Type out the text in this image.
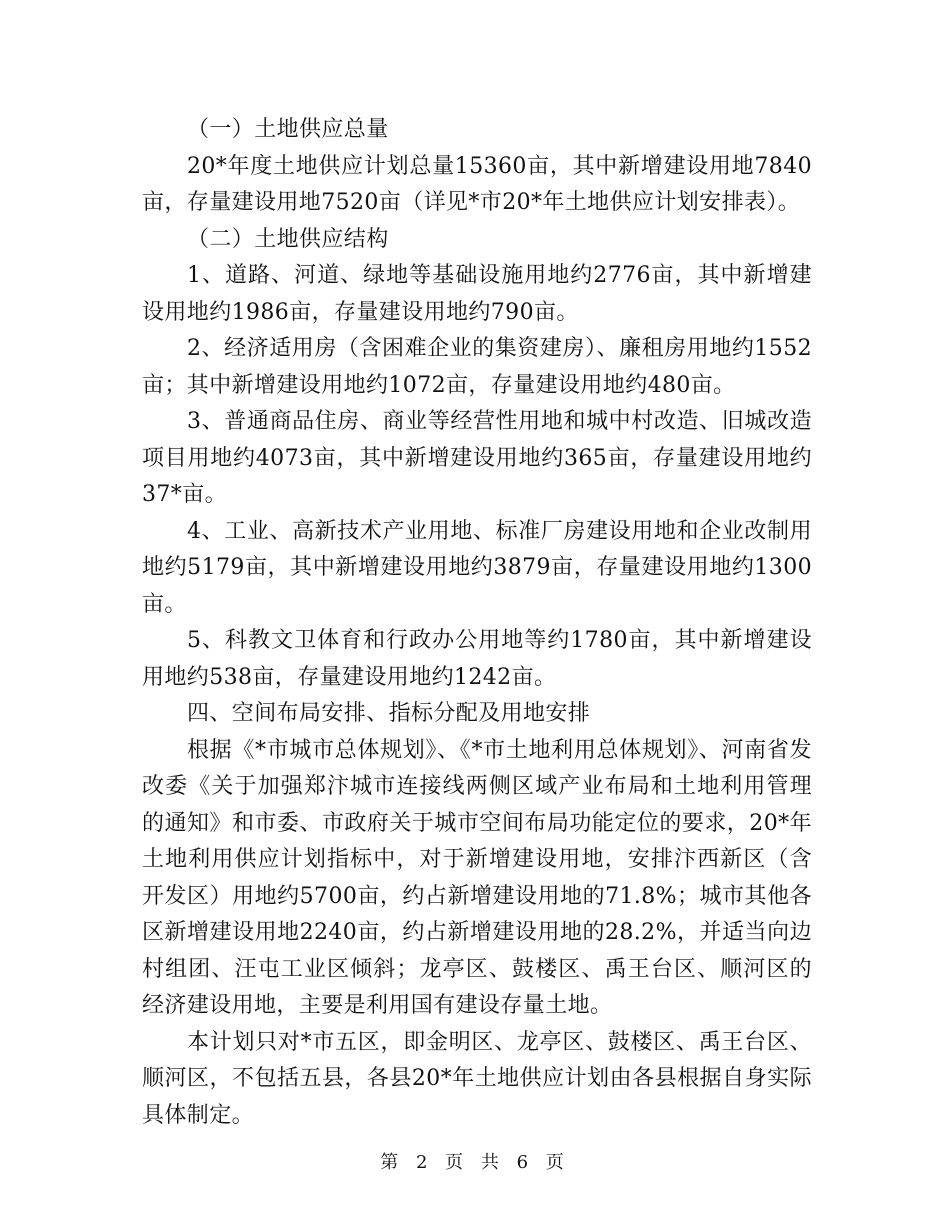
（一）土地供应总量

20*年度土地供应计划总量15360亩，其中新增建设用地7840亩，存量建设用地7520亩（详见*市20*年土地供应计划安排表）。

（二）土地供应结构

1、道路、河道、绿地等基础设施用地约2776亩，其中新增建设用地约1986亩，存量建设用地约790亩。

2、经济适用房（含困难企业的集资建房）、廉租房用地约1552亩；其中新增建设用地约1072亩，存量建设用地约480亩。

3、普通商品住房、商业等经营性用地和城中村改造、旧城改造项目用地约4073亩，其中新增建设用地约365亩，存量建设用地约37*亩。

4、工业、高新技术产业用地、标准厂房建设用地和企业改制用地约5179亩，其中新增建设用地约3879亩，存量建设用地约1300亩。

5、科教文卫体育和行政办公用地等约1780亩，其中新增建设用地约538亩，存量建设用地约1242亩。

四、空间布局安排、指标分配及用地安排

根据《*市城市总体规划》、《*市土地利用总体规划》、河南省发改委《关于加强郑汴城市连接线两侧区域产业布局和土地利用管理的通知》和市委、市政府关于城市空间布局功能定位的要求，20*年土地利用供应计划指标中，对于新增建设用地，安排汴西新区（含开发区）用地约5700亩，约占新增建设用地的71.8%；城市其他各区新增建设用地2240亩，约占新增建设用地的28.2%，并适当向边村组团、汪屯工业区倾斜；龙亭区、鼓楼区、禹王台区、顺河区的经济建设用地，主要是利用国有建设存量土地。

本计划只对*市五区，即金明区、龙亭区、鼓楼区、禹王台区、顺河区，不包括五县，各县20*年土地供应计划由各县根据自身实际具体制定。

第 2 页 共 6 页
